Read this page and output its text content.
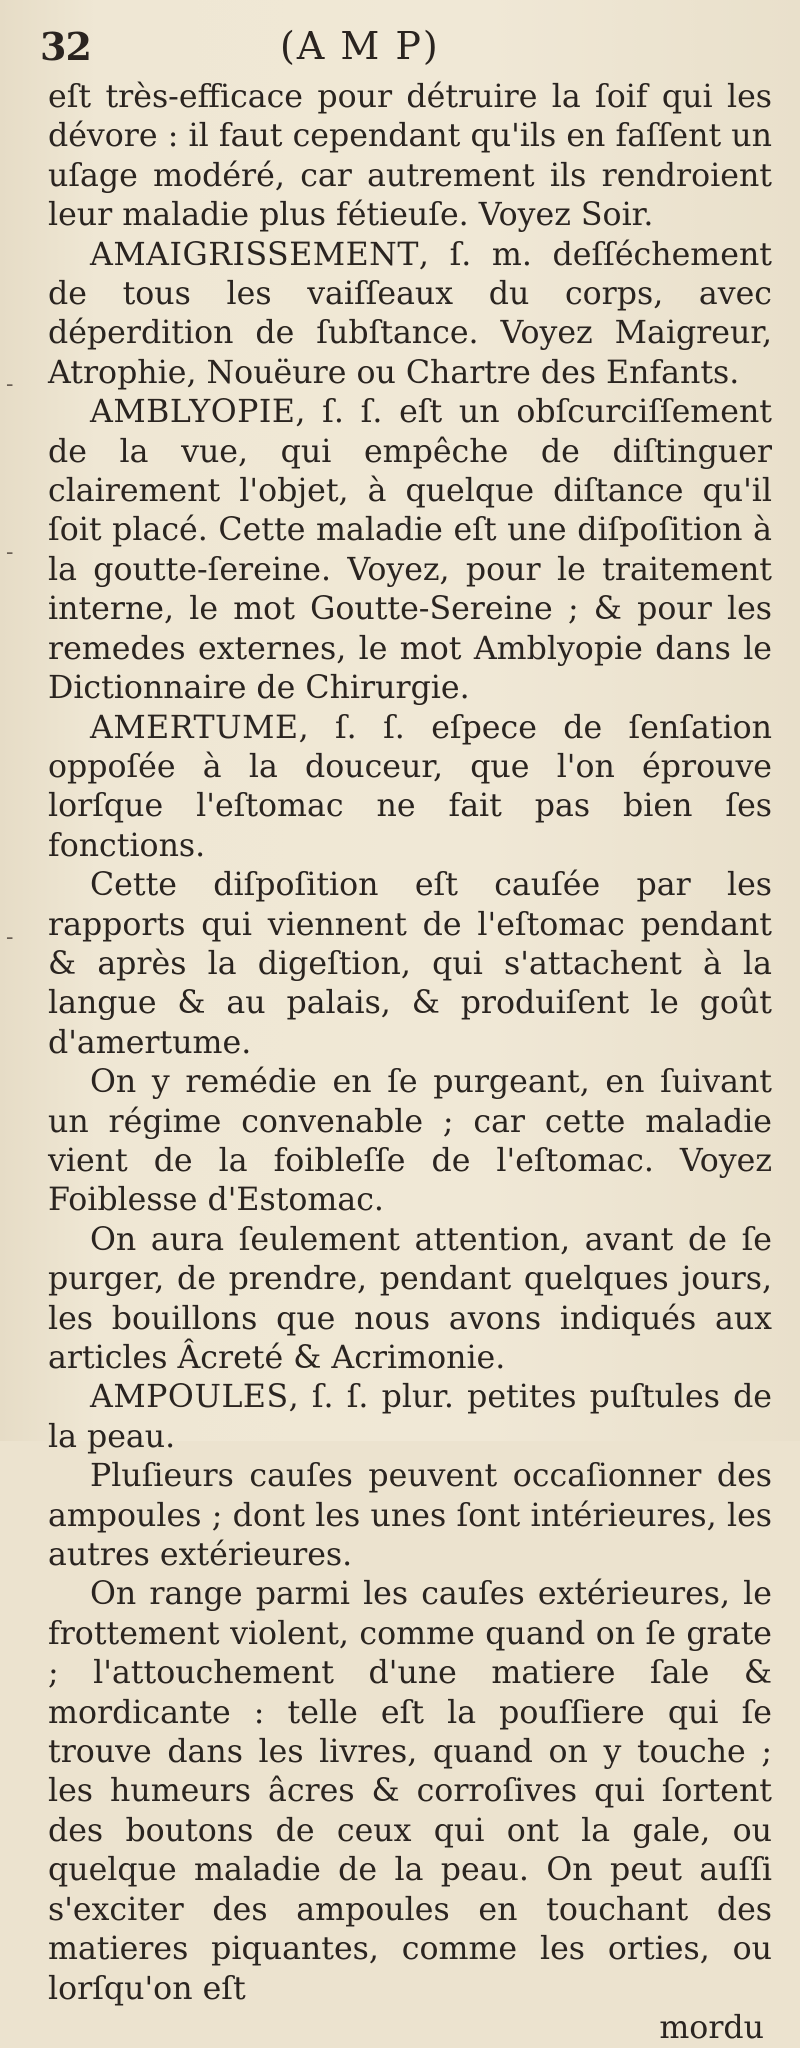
32	(A M P)
-
-
-

eſt très-efficace pour détruire la ſoif qui les dévore : il faut cependant qu'ils en faſſent un uſage modéré, car autrement ils rendroient leur maladie plus fétieuſe. Voyez Soir.

AMAIGRISSEMENT, ſ. m. deſſéchement de tous les vaiſſeaux du corps, avec déperdition de ſubſtance. Voyez Maigreur, Atrophie, Nouëure ou Chartre des Enfants.

AMBLYOPIE, ſ. ſ. eſt un obſcurciſſement de la vue, qui empêche de diſtinguer clairement l'objet, à quelque diſtance qu'il ſoit placé. Cette maladie eſt une diſpoſition à la goutte-ſereine. Voyez, pour le traitement interne, le mot Goutte-Sereine ; & pour les remedes externes, le mot Amblyopie dans le Dictionnaire de Chirurgie.

AMERTUME, ſ. ſ. eſpece de ſenſation oppoſée à la douceur, que l'on éprouve lorſque l'eſtomac ne fait pas bien ſes fonctions.

Cette diſpoſition eſt cauſée par les rapports qui viennent de l'eſtomac pendant & après la digeſtion, qui s'attachent à la langue & au palais, & produiſent le goût d'amertume.

On y remédie en ſe purgeant, en ſuivant un régime convenable ; car cette maladie vient de la foibleſſe de l'eſtomac. Voyez Foiblesse d'Estomac.

On aura ſeulement attention, avant de ſe purger, de prendre, pendant quelques jours, les bouillons que nous avons indiqués aux articles Âcreté & Acrimonie.

AMPOULES, ſ. ſ. plur. petites puſtules de la peau.

Pluſieurs cauſes peuvent occaſionner des ampoules ; dont les unes ſont intérieures, les autres extérieures.

On range parmi les cauſes extérieures, le frottement violent, comme quand on ſe grate ; l'attouchement d'une matiere ſale & mordicante : telle eſt la pouſſiere qui ſe trouve dans les livres, quand on y touche ; les humeurs âcres & corroſives qui ſortent des boutons de ceux qui ont la gale, ou quelque maladie de la peau. On peut auſſi s'exciter des ampoules en touchant des matieres piquantes, comme les orties, ou lorſqu'on eſt

mordu
